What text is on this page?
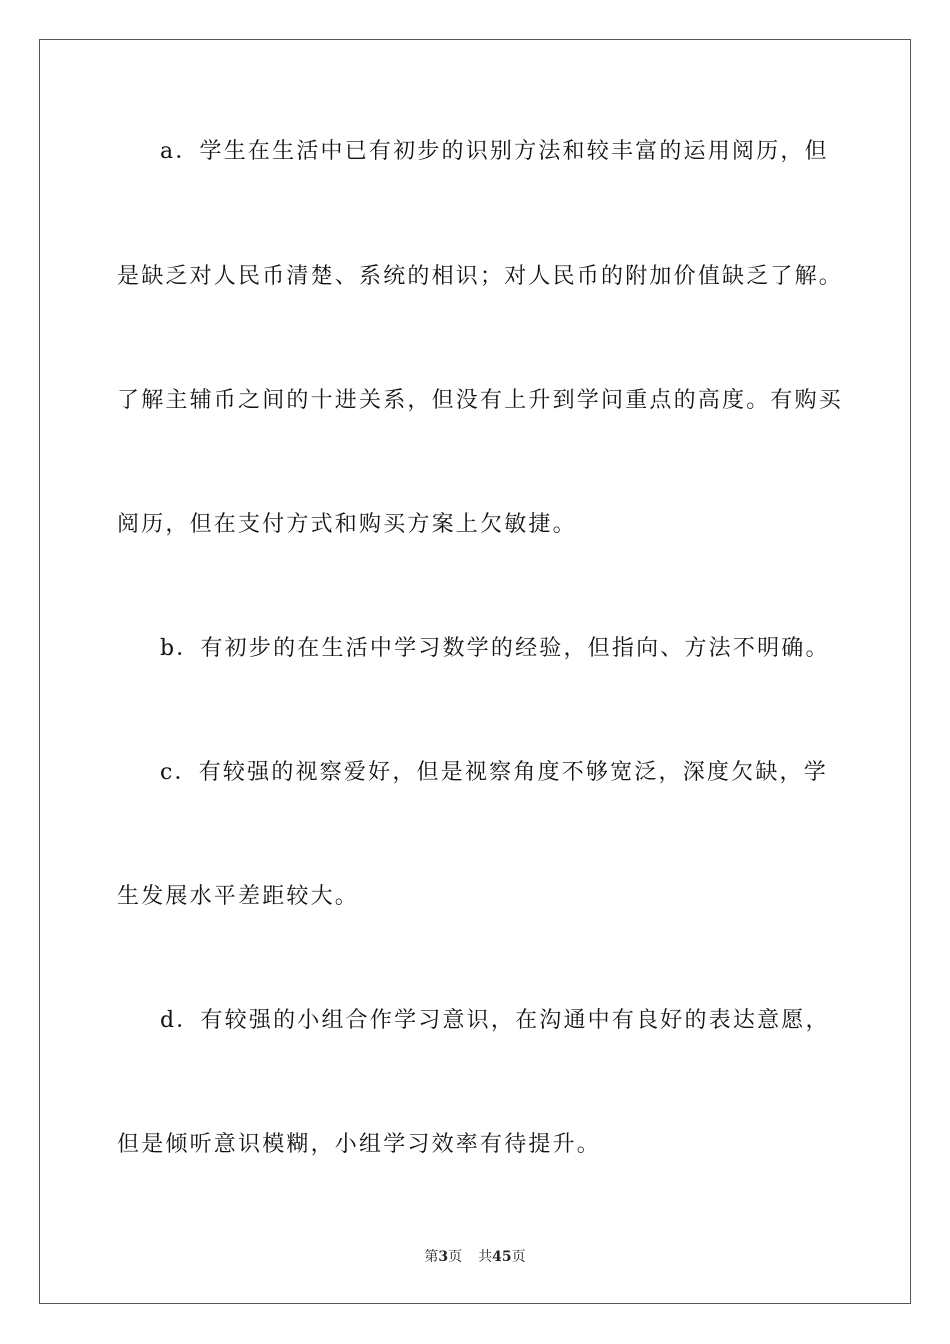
a．学生在生活中已有初步的识别方法和较丰富的运用阅历，但
是缺乏对人民币清楚、系统的相识；对人民币的附加价值缺乏了解。
了解主辅币之间的十进关系，但没有上升到学问重点的高度。有购买
阅历，但在支付方式和购买方案上欠敏捷。
b．有初步的在生活中学习数学的经验，但指向、方法不明确。
c．有较强的视察爱好，但是视察角度不够宽泛，深度欠缺，学
生发展水平差距较大。
d．有较强的小组合作学习意识，在沟通中有良好的表达意愿，
但是倾听意识模糊，小组学习效率有待提升。
第3页 共45页
